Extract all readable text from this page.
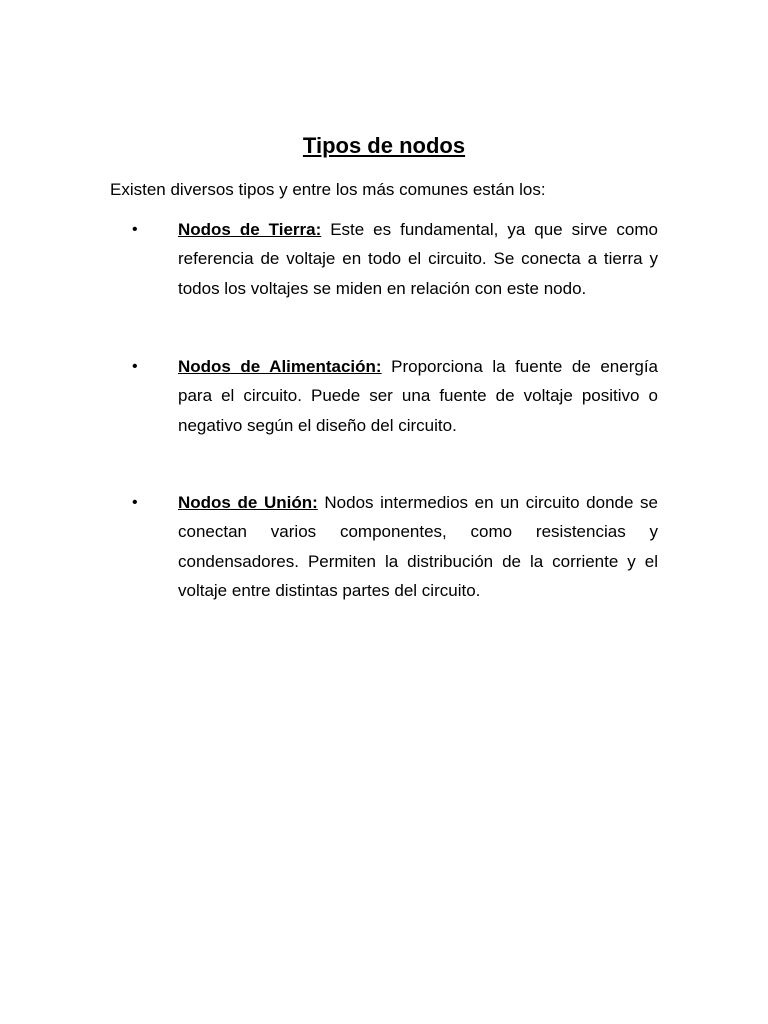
Tipos de nodos
Existen diversos tipos y entre los más comunes están los:
• Nodos de Tierra: Este es fundamental, ya que sirve como referencia de voltaje en todo el circuito. Se conecta a tierra y todos los voltajes se miden en relación con este nodo.
• Nodos de Alimentación: Proporciona la fuente de energía para el circuito. Puede ser una fuente de voltaje positivo o negativo según el diseño del circuito.
• Nodos de Unión: Nodos intermedios en un circuito donde se conectan varios componentes, como resistencias y condensadores. Permiten la distribución de la corriente y el voltaje entre distintas partes del circuito.
